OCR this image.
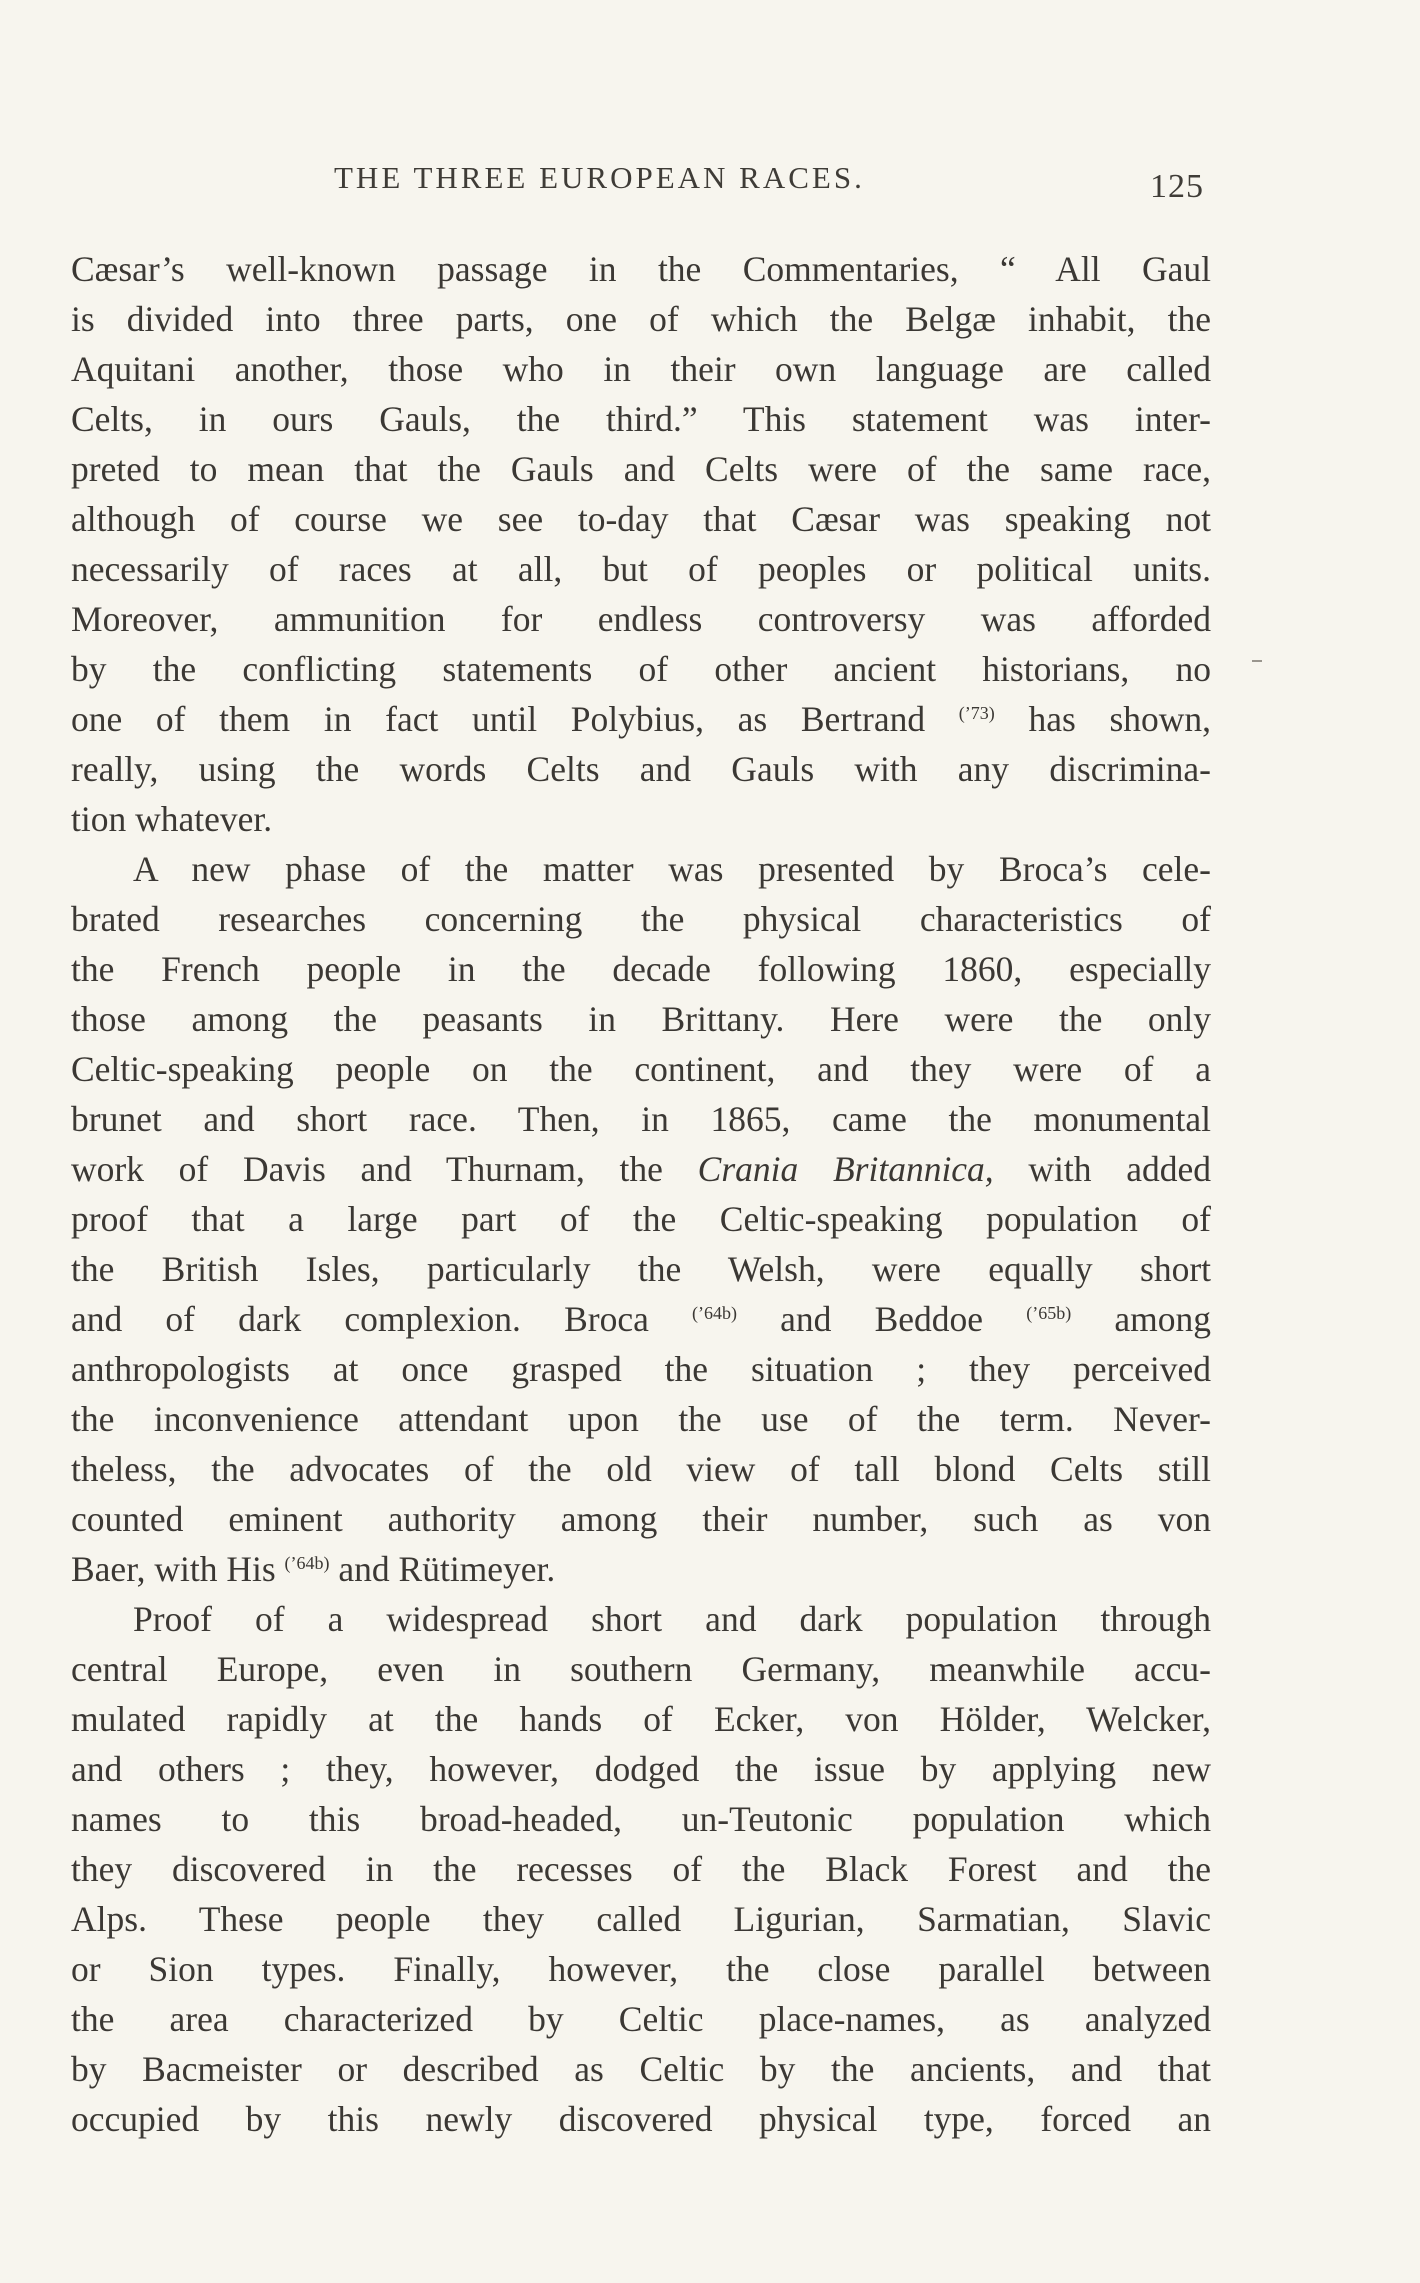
THE THREE EUROPEAN RACES.	125
Cæsar’s well-known passage in the Commentaries, “ All Gaul
is divided into three parts, one of which the Belgæ inhabit, the
Aquitani another, those who in their own language are called
Celts, in ours Gauls, the third.” This statement was inter-
preted to mean that the Gauls and Celts were of the same race,
although of course we see to-day that Cæsar was speaking not
necessarily of races at all, but of peoples or political units.
Moreover, ammunition for endless controversy was afforded
by the conflicting statements of other ancient historians, no
one of them in fact until Polybius, as Bertrand $^{(’73)}$ has shown,
really, using the words Celts and Gauls with any discrimina-
tion whatever.
A new phase of the matter was presented by Broca’s cele-
brated researches concerning the physical characteristics of
the French people in the decade following 1860, especially
those among the peasants in Brittany. Here were the only
Celtic-speaking people on the continent, and they were of a
brunet and short race. Then, in 1865, came the monumental
work of Davis and Thurnam, the Crania Britannica, with added
proof that a large part of the Celtic-speaking population of
the British Isles, particularly the Welsh, were equally short
and of dark complexion. Broca $^{(’64b)}$ and Beddoe $^{(’65b)}$ among
anthropologists at once grasped the situation ; they perceived
the inconvenience attendant upon the use of the term. Never-
theless, the advocates of the old view of tall blond Celts still
counted eminent authority among their number, such as von
Baer, with His $^{(’64b)}$ and Rütimeyer.
Proof of a widespread short and dark population through
central Europe, even in southern Germany, meanwhile accu-
mulated rapidly at the hands of Ecker, von Hölder, Welcker,
and others ; they, however, dodged the issue by applying new
names to this broad-headed, un-Teutonic population which
they discovered in the recesses of the Black Forest and the
Alps. These people they called Ligurian, Sarmatian, Slavic
or Sion types. Finally, however, the close parallel between
the area characterized by Celtic place-names, as analyzed
by Bacmeister or described as Celtic by the ancients, and that
occupied by this newly discovered physical type, forced an
